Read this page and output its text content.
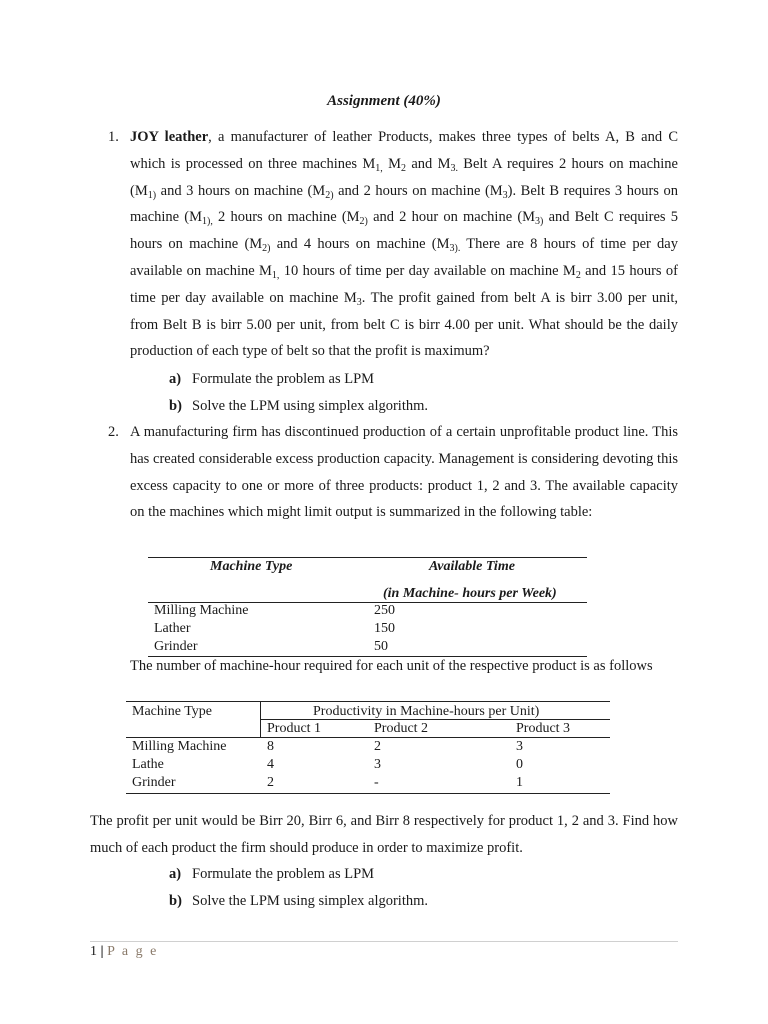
Assignment (40%)
1. JOY leather, a manufacturer of leather Products, makes three types of belts A, B and C which is processed on three machines $M_{1,}$ $M_2$ and $M_{3.}$ Belt A requires 2 hours on machine ($M_{1)}$ and 3 hours on machine ($M_{2)}$ and 2 hours on machine $(M_3)$. Belt B requires 3 hours on machine ($M_{1),}$ 2 hours on machine ($M_{2)}$ and 2 hour on machine ($M_{3)}$ and Belt C requires 5 hours on machine ($M_{2)}$ and 4 hours on machine ($M_{3).}$ There are 8 hours of time per day available on machine $M_{1,}$ 10 hours of time per day available on machine $M_2$ and 15 hours of time per day available on machine $M_3$. The profit gained from belt A is birr 3.00 per unit, from Belt B is birr 5.00 per unit, from belt C is birr 4.00 per unit. What should be the daily production of each type of belt so that the profit is maximum?
a) Formulate the problem as LPM
b) Solve the LPM using simplex algorithm.
2. A manufacturing firm has discontinued production of a certain unprofitable product line. This has created considerable excess production capacity. Management is considering devoting this excess capacity to one or more of three products: product 1, 2 and 3. The available capacity on the machines which might limit output is summarized in the following table:
Machine Type	Available Time
(in Machine- hours per Week)
Milling Machine	250
Lather	150
Grinder	50
The number of machine-hour required for each unit of the respective product is as follows
Machine Type	Productivity in Machine-hours per Unit)
Product 1	Product 2	Product 3
Milling Machine	8	2	3
Lathe	4	3	0
Grinder	2	-	1
The profit per unit would be Birr 20, Birr 6, and Birr 8 respectively for product 1, 2 and 3. Find how much of each product the firm should produce in order to maximize profit.
a) Formulate the problem as LPM
b) Solve the LPM using simplex algorithm.
1 | P a g e
